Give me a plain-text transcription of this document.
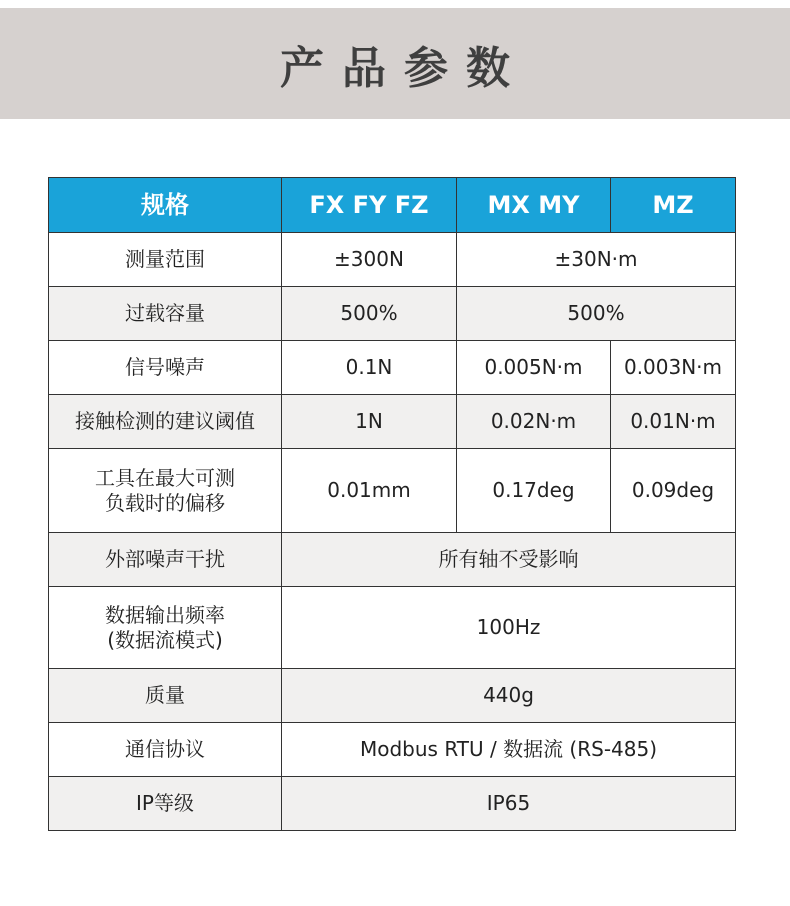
产品参数
规格	FX FY FZ	MX MY	MZ
测量范围	±300N	±30N·m	
过载容量	500%	500%	
信号噪声	0.1N	0.005N·m	0.003N·m
接触检测的建议阈值	1N	0.02N·m	0.01N·m

工具在最大可测
负载时的偏移	0.01mm	0.17deg	0.09deg
外部噪声干扰	所有轴不受影响		

数据输出频率
(数据流模式)	100Hz		
质量	440g		
通信协议	Modbus RTU / 数据流 (RS-485)		
IP等级	IP65		
